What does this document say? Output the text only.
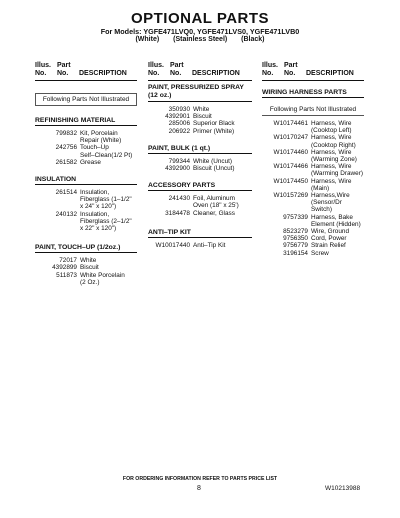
OPTIONAL PARTS
For Models: YGFE471LVQ0, YGFE471LVS0, YGFE471LVB0
(White) (Stainless Steel) (Black)
Illus.
No.
Part
No.	DESCRIPTION
Following Parts Not Illustrated
REFINISHING MATERIAL
799832 Kit, Porcelain
Repair (White)
242756 Touch–Up
Self–Clean(1/2 Pt)
261582 Grease
INSULATION
261514 Insulation,
Fiberglass (1–1/2"
x 24" x 120")
240132 Insulation,
Fiberglass (2–1/2"
x 22" x 120")
PAINT, TOUCH–UP (1/2oz.)
72017 White
4392899 Biscuit
511873 White Porcelain
(2 Oz.)
Illus.
No.
Part
No.	DESCRIPTION
PAINT, PRESSURIZED SPRAY (12 oz.)
350930 White
4392901 Biscuit
285006 Superior Black
206922 Primer (White)
PAINT, BULK (1 qt.)
799344 White (Uncut)
4392900 Biscuit (Uncut)
ACCESSORY PARTS
241430 Foil, Aluminum
Oven (18" x 25')
3184478 Cleaner, Glass
ANTI–TIP KIT
W10017440 Anti–Tip Kit
Illus.
No.
Part
No.	DESCRIPTION
WIRING HARNESS PARTS
Following Parts Not Illustrated
W10174461 Harness, Wire
(Cooktop Left)
W10170247 Harness, Wire
(Cooktop Right)
W10174460 Harness, Wire
(Warming Zone)
W10174466 Harness, Wire
(Warming Drawer)
W10174450 Harness, Wire
(Main)
W10157269 Harness,Wire
(Sensor/Dr Switch)
9757339 Harness, Bake
Element (Hidden)
8523279 Wire, Ground
9756350 Cord, Power
9756779 Strain Relief
3196154 Screw
FOR ORDERING INFORMATION REFER TO PARTS PRICE LIST
8	W10213988
